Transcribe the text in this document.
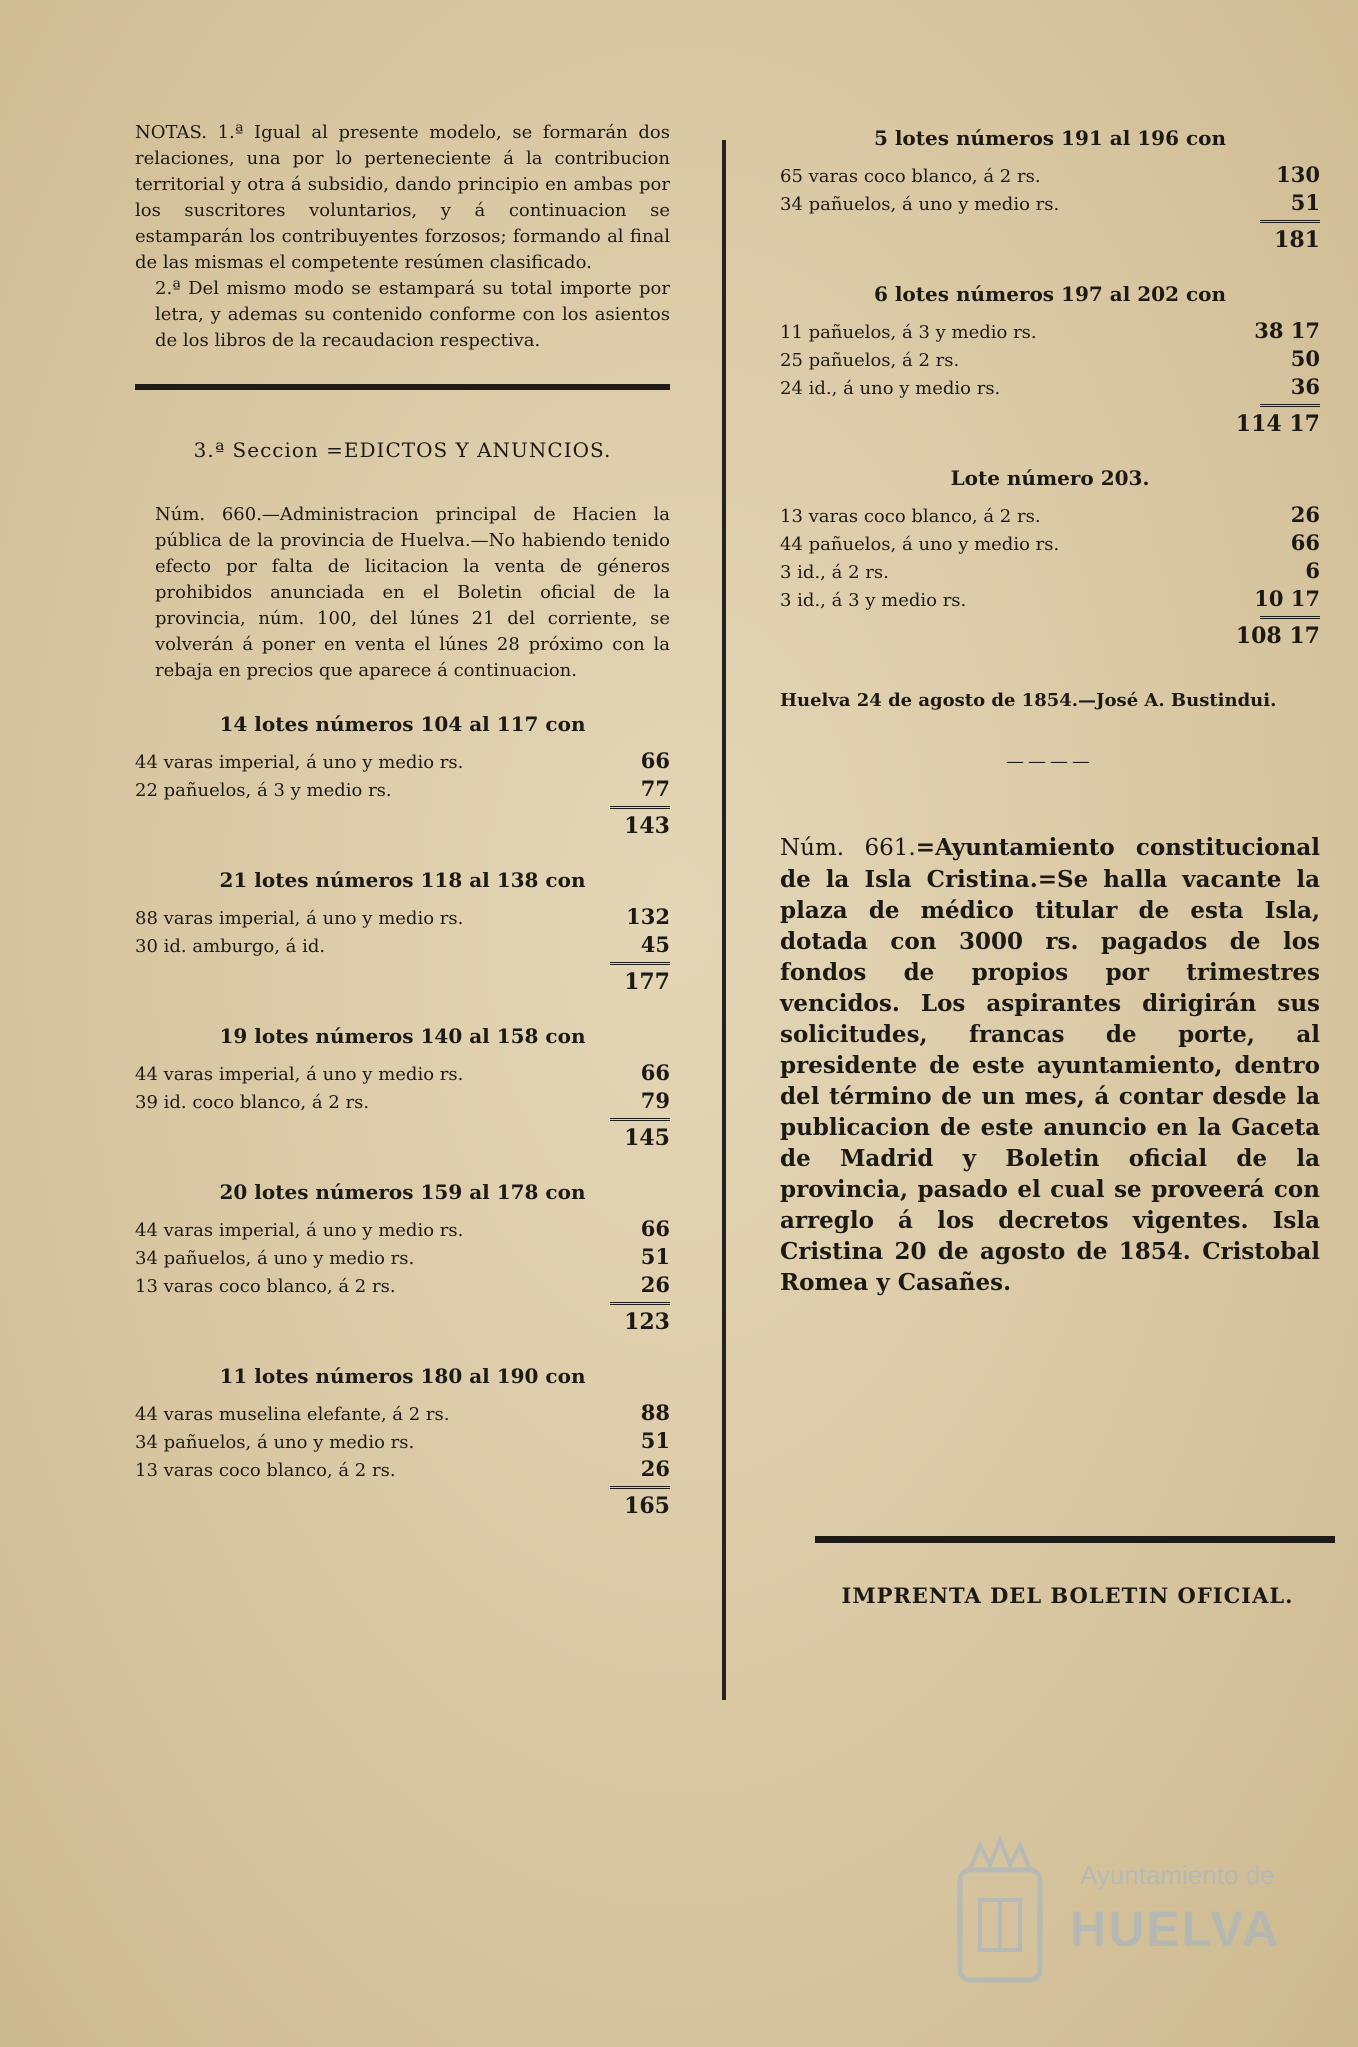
NOTAS. 1.ª Igual al presente modelo, se formarán dos relaciones, una por lo perteneciente á la contribucion territorial y otra á subsidio, dando principio en ambas por los suscritores voluntarios, y á continuacion se estamparán los contribuyentes forzosos; formando al final de las mismas el competente resúmen clasificado.

2.ª Del mismo modo se estampará su total importe por letra, y ademas su contenido conforme con los asientos de los libros de la recaudacion respectiva.

3.ª Seccion =EDICTOS Y ANUNCIOS.

Núm. 660.—Administracion principal de Hacien la pública de la provincia de Huelva.—No habiendo tenido efecto por falta de licitacion la venta de géneros prohibidos anunciada en el Boletin oficial de la provincia, núm. 100, del lúnes 21 del corriente, se volverán á poner en venta el lúnes 28 próximo con la rebaja en precios que aparece á continuacion.

14 lotes números 104 al 117 con
44 varas imperial, á uno y medio rs.	66
22 pañuelos, á 3 y medio rs.	77
143
21 lotes números 118 al 138 con
88 varas imperial, á uno y medio rs.	132
30 id. amburgo, á id.	45
177
19 lotes números 140 al 158 con
44 varas imperial, á uno y medio rs.	66
39 id. coco blanco, á 2 rs.	79
145
20 lotes números 159 al 178 con
44 varas imperial, á uno y medio rs.	66
34 pañuelos, á uno y medio rs.	51
13 varas coco blanco, á 2 rs.	26
123
11 lotes números 180 al 190 con
44 varas muselina elefante, á 2 rs.	88
34 pañuelos, á uno y medio rs.	51
13 varas coco blanco, á 2 rs.	26
165
5 lotes números 191 al 196 con
65 varas coco blanco, á 2 rs.	130
34 pañuelos, á uno y medio rs.	51
181
6 lotes números 197 al 202 con
11 pañuelos, á 3 y medio rs.	38 17
25 pañuelos, á 2 rs.	50
24 id., á uno y medio rs.	36
114 17
Lote número 203.
13 varas coco blanco, á 2 rs.	26
44 pañuelos, á uno y medio rs.	66
3 id., á 2 rs.	6
3 id., á 3 y medio rs.	10 17
108 17
Huelva 24 de agosto de 1854.—José A. Bustindui.
————
Núm. 661.=Ayuntamiento constitucional de la Isla Cristina.=Se halla vacante la plaza de médico titular de esta Isla, dotada con 3000 rs. pagados de los fondos de propios por trimestres vencidos. Los aspirantes dirigirán sus solicitudes, francas de porte, al presidente de este ayuntamiento, dentro del término de un mes, á contar desde la publicacion de este anuncio en la Gaceta de Madrid y Boletin oficial de la provincia, pasado el cual se proveerá con arreglo á los decretos vigentes. Isla Cristina 20 de agosto de 1854. Cristobal Romea y Casañes.
IMPRENTA DEL BOLETIN OFICIAL.
Ayuntamiento de
HUELVA
